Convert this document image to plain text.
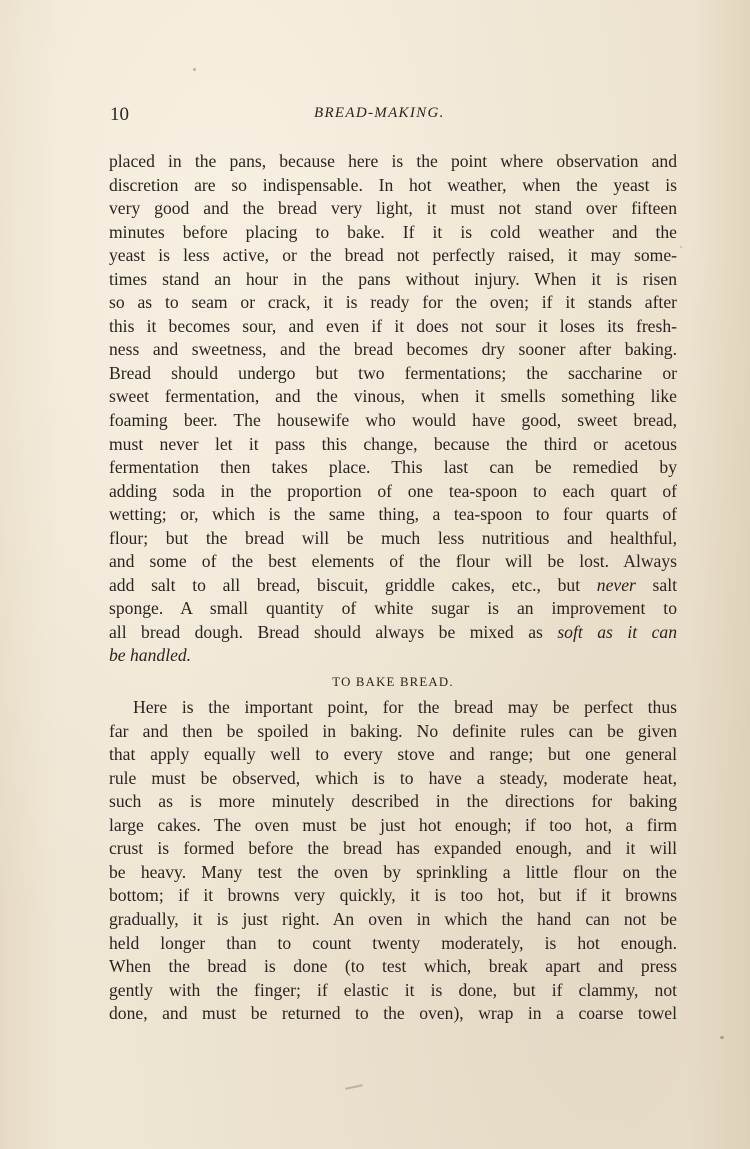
10	BREAD-MAKING.
placed in the pans, because here is the point where observation and
discretion are so indispensable. In hot weather, when the yeast is
very good and the bread very light, it must not stand over fifteen
minutes before placing to bake. If it is cold weather and the
yeast is less active, or the bread not perfectly raised, it may some-
times stand an hour in the pans without injury. When it is risen
so as to seam or crack, it is ready for the oven; if it stands after
this it becomes sour, and even if it does not sour it loses its fresh-
ness and sweetness, and the bread becomes dry sooner after baking.
Bread should undergo but two fermentations; the saccharine or
sweet fermentation, and the vinous, when it smells something like
foaming beer. The housewife who would have good, sweet bread,
must never let it pass this change, because the third or acetous
fermentation then takes place. This last can be remedied by
adding soda in the proportion of one tea-spoon to each quart of
wetting; or, which is the same thing, a tea-spoon to four quarts of
flour; but the bread will be much less nutritious and healthful,
and some of the best elements of the flour will be lost. Always
add salt to all bread, biscuit, griddle cakes, etc., but never salt
sponge. A small quantity of white sugar is an improvement to
all bread dough. Bread should always be mixed as soft as it can
be handled.
TO BAKE BREAD.
Here is the important point, for the bread may be perfect thus
far and then be spoiled in baking. No definite rules can be given
that apply equally well to every stove and range; but one general
rule must be observed, which is to have a steady, moderate heat,
such as is more minutely described in the directions for baking
large cakes. The oven must be just hot enough; if too hot, a firm
crust is formed before the bread has expanded enough, and it will
be heavy. Many test the oven by sprinkling a little flour on the
bottom; if it browns very quickly, it is too hot, but if it browns
gradually, it is just right. An oven in which the hand can not be
held longer than to count twenty moderately, is hot enough.
When the bread is done (to test which, break apart and press
gently with the finger; if elastic it is done, but if clammy, not
done, and must be returned to the oven), wrap in a coarse towel
